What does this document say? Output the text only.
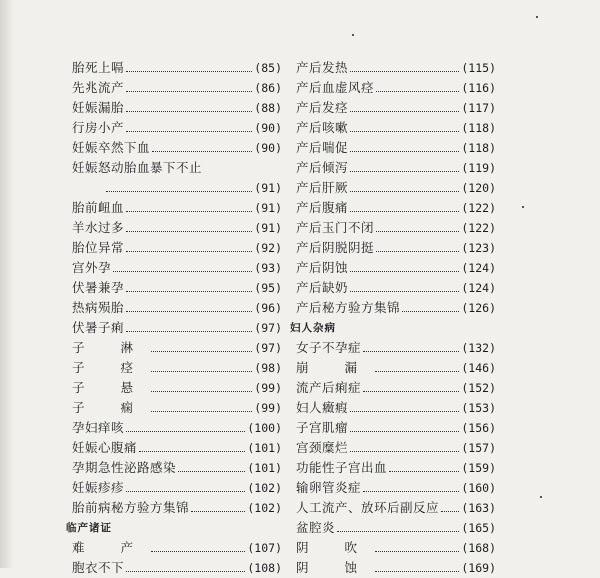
胎死上嗝	(85)
先兆流产	(86)
妊娠漏胎	(88)
行房小产	(90)
妊娠卒然下血	(90)
妊娠怒动胎血暴下不止
(91)
胎前衄血	(91)
羊水过多	(91)
胎位异常	(92)
宫外孕	(93)
伏暑兼孕	(95)
热病殒胎	(96)
伏暑子痢	(97)
子 淋	(97)
子 痉	(98)
子 悬	(99)
子 痫	(99)
孕妇痒咳	(100)
妊娠心腹痛	(101)
孕期急性泌路感染	(101)
妊娠疹疹	(102)
胎前病秘方验方集锦	(102)
临产诸证
难 产	(107)
胞衣不下	(108)
产后发热	(115)
产后血虚风痉	(116)
产后发痉	(117)
产后咳嗽	(118)
产后喘促	(118)
产后倾泻	(119)
产后肝厥	(120)
产后腹痛	(122)
产后玉门不闭	(122)
产后阴脱阴挺	(123)
产后阴蚀	(124)
产后缺奶	(124)
产后秘方验方集锦	(126)
妇人杂病
女子不孕症	(132)
崩 漏	(146)
流产后痢症	(152)
妇人癥瘕	(153)
子宫肌瘤	(156)
宫颈糜烂	(157)
功能性子宫出血	(159)
输卵管炎症	(160)
人工流产、放环后副反应 (163)
盆腔炎	(165)
阴 吹	(168)
阴 蚀	(169)
